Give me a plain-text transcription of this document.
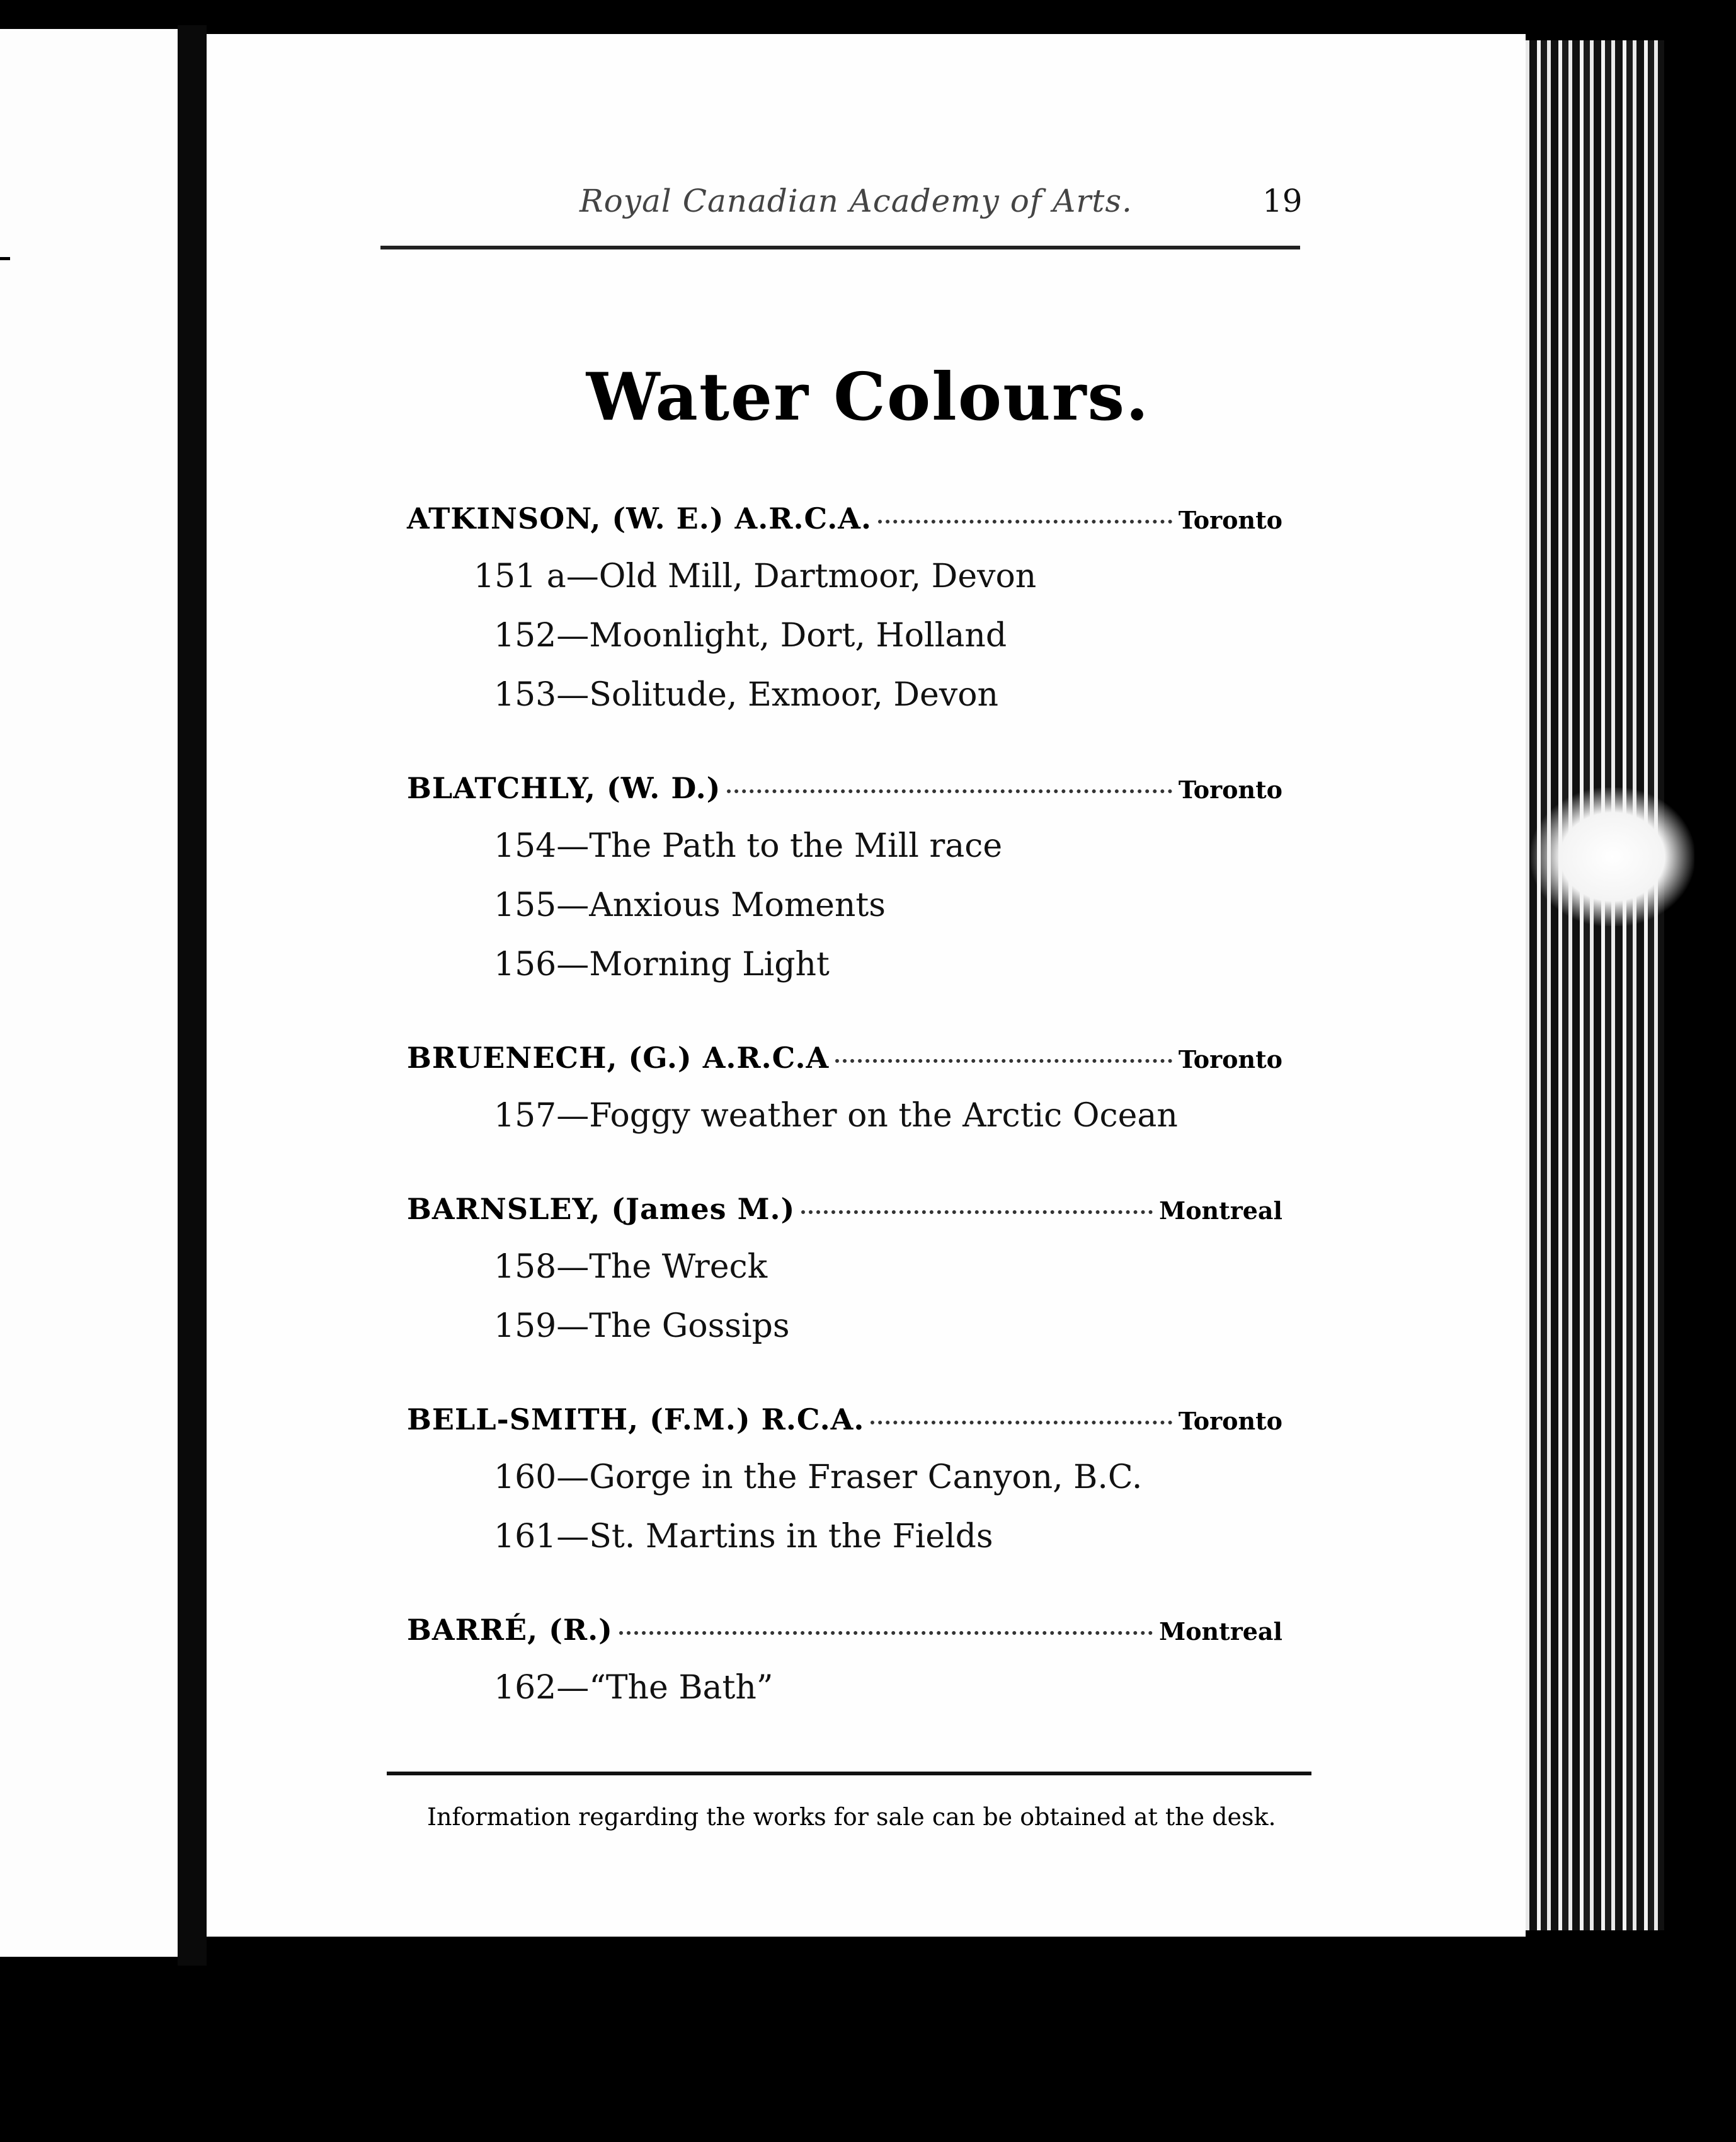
Royal Canadian Academy of Arts.	19
Water Colours.
ATKINSON, (W. E.) A.R.C.A.	Toronto
151 a—Old Mill, Dartmoor, Devon
152—Moonlight, Dort, Holland
153—Solitude, Exmoor, Devon
BLATCHLY, (W. D.)	Toronto
154—The Path to the Mill race
155—Anxious Moments
156—Morning Light
BRUENECH, (G.) A.R.C.A	Toronto
157—Foggy weather on the Arctic Ocean
BARNSLEY, (James M.)	Montreal
158—The Wreck
159—The Gossips
BELL-SMITH, (F.M.) R.C.A.	Toronto
160—Gorge in the Fraser Canyon, B.C.
161—St. Martins in the Fields
BARRÉ, (R.)	Montreal
162—“The Bath”
Information regarding the works for sale can be obtained at the desk.
